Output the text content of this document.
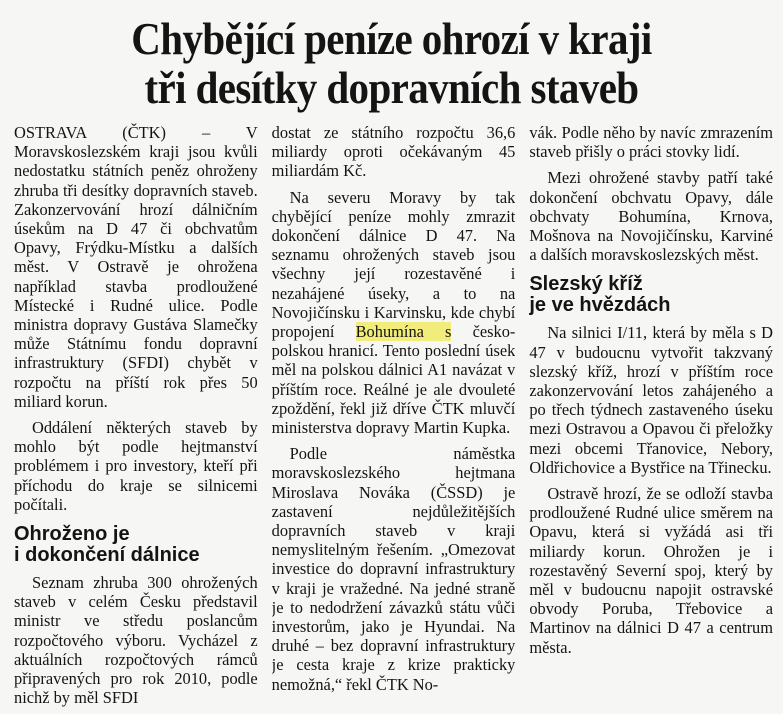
Chybějící peníze ohrozí v kraji
tři desítky dopravních staveb

OSTRAVA (ČTK) – V Moravskoslezském kraji jsou kvůli nedostatku státních peněz ohroženy zhruba tři desítky dopravních staveb. Zakonzervování hrozí dálničním úsekům na D 47 či obchvatům Opavy, Frýdku-Místku a dalších měst. V Ostravě je ohrožena například stavba prodloužené Místecké i Rudné ulice. Podle ministra dopravy Gustáva Slamečky může Státnímu fondu dopravní infrastruktury (SFDI) chybět v rozpočtu na příští rok přes 50 miliard korun.

Oddálení některých staveb by mohlo být podle hejtmanství problémem i pro investory, kteří při příchodu do kraje se silnicemi počítali.

Ohroženo je
i dokončení dálnice

Seznam zhruba 300 ohrožených staveb v celém Česku představil ministr ve středu poslancům rozpočtového výboru. Vycházel z aktuálních rozpočtových rámců připravených pro rok 2010, podle nichž by měl SFDI

dostat ze státního rozpočtu 36,6 miliardy oproti očekávaným 45 miliardám Kč.

Na severu Moravy by tak chybějící peníze mohly zmrazit dokončení dálnice D 47. Na seznamu ohrožených staveb jsou všechny její rozestavěné i nezahájené úseky, a to na Novojičínsku i Karvinsku, kde chybí propojení Bohumína s česko-polskou hranicí. Tento poslední úsek měl na polskou dálnici A1 navázat v příštím roce. Reálné je ale dvouleté zpoždění, řekl již dříve ČTK mluvčí ministerstva dopravy Martin Kupka.

Podle náměstka moravskoslezského hejtmana Miroslava Nováka (ČSSD) je zastavení nejdůležitějších dopravních staveb v kraji nemyslitelným řešením. „Omezovat investice do dopravní infrastruktury v kraji je vražedné. Na jedné straně je to nedodržení závazků státu vůči investorům, jako je Hyundai. Na druhé – bez dopravní infrastruktury je cesta kraje z krize prakticky nemožná,“ řekl ČTK No-

vák. Podle něho by navíc zmrazením staveb přišly o práci stovky lidí.

Mezi ohrožené stavby patří také dokončení obchvatu Opavy, dále obchvaty Bohumína, Krnova, Mošnova na Novojičínsku, Karviné a dalších moravskoslezských měst.

Slezský kříž
je ve hvězdách

Na silnici I/11, která by měla s D 47 v budoucnu vytvořit takzvaný slezský kříž, hrozí v příštím roce zakonzervování letos zahájeného a po třech týdnech zastaveného úseku mezi Ostravou a Opavou či přeložky mezi obcemi Třanovice, Nebory, Oldřichovice a Bystřice na Třinecku.

Ostravě hrozí, že se odloží stavba prodloužené Rudné ulice směrem na Opavu, která si vyžádá asi tři miliardy korun. Ohrožen je i rozestavěný Severní spoj, který by měl v budoucnu napojit ostravské obvody Poruba, Třebovice a Martinov na dálnici D 47 a centrum města.
